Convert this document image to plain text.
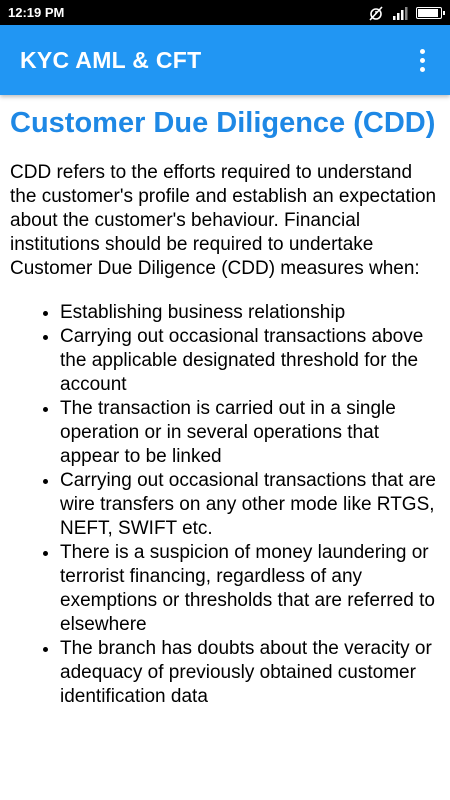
12:19 PM
KYC AML & CFT
Customer Due Diligence (CDD)

CDD refers to the efforts required to understand the customer's profile and establish an expectation about the customer's behaviour. Financial institutions should be required to undertake Customer Due Diligence (CDD) measures when:

• Establishing business relationship
• Carrying out occasional transactions above the applicable designated threshold for the account
• The transaction is carried out in a single operation or in several operations that appear to be linked
• Carrying out occasional transactions that are wire transfers on any other mode like RTGS, NEFT, SWIFT etc.
• There is a suspicion of money laundering or terrorist financing, regardless of any exemptions or thresholds that are referred to elsewhere
• The branch has doubts about the veracity or adequacy of previously obtained customer identification data
